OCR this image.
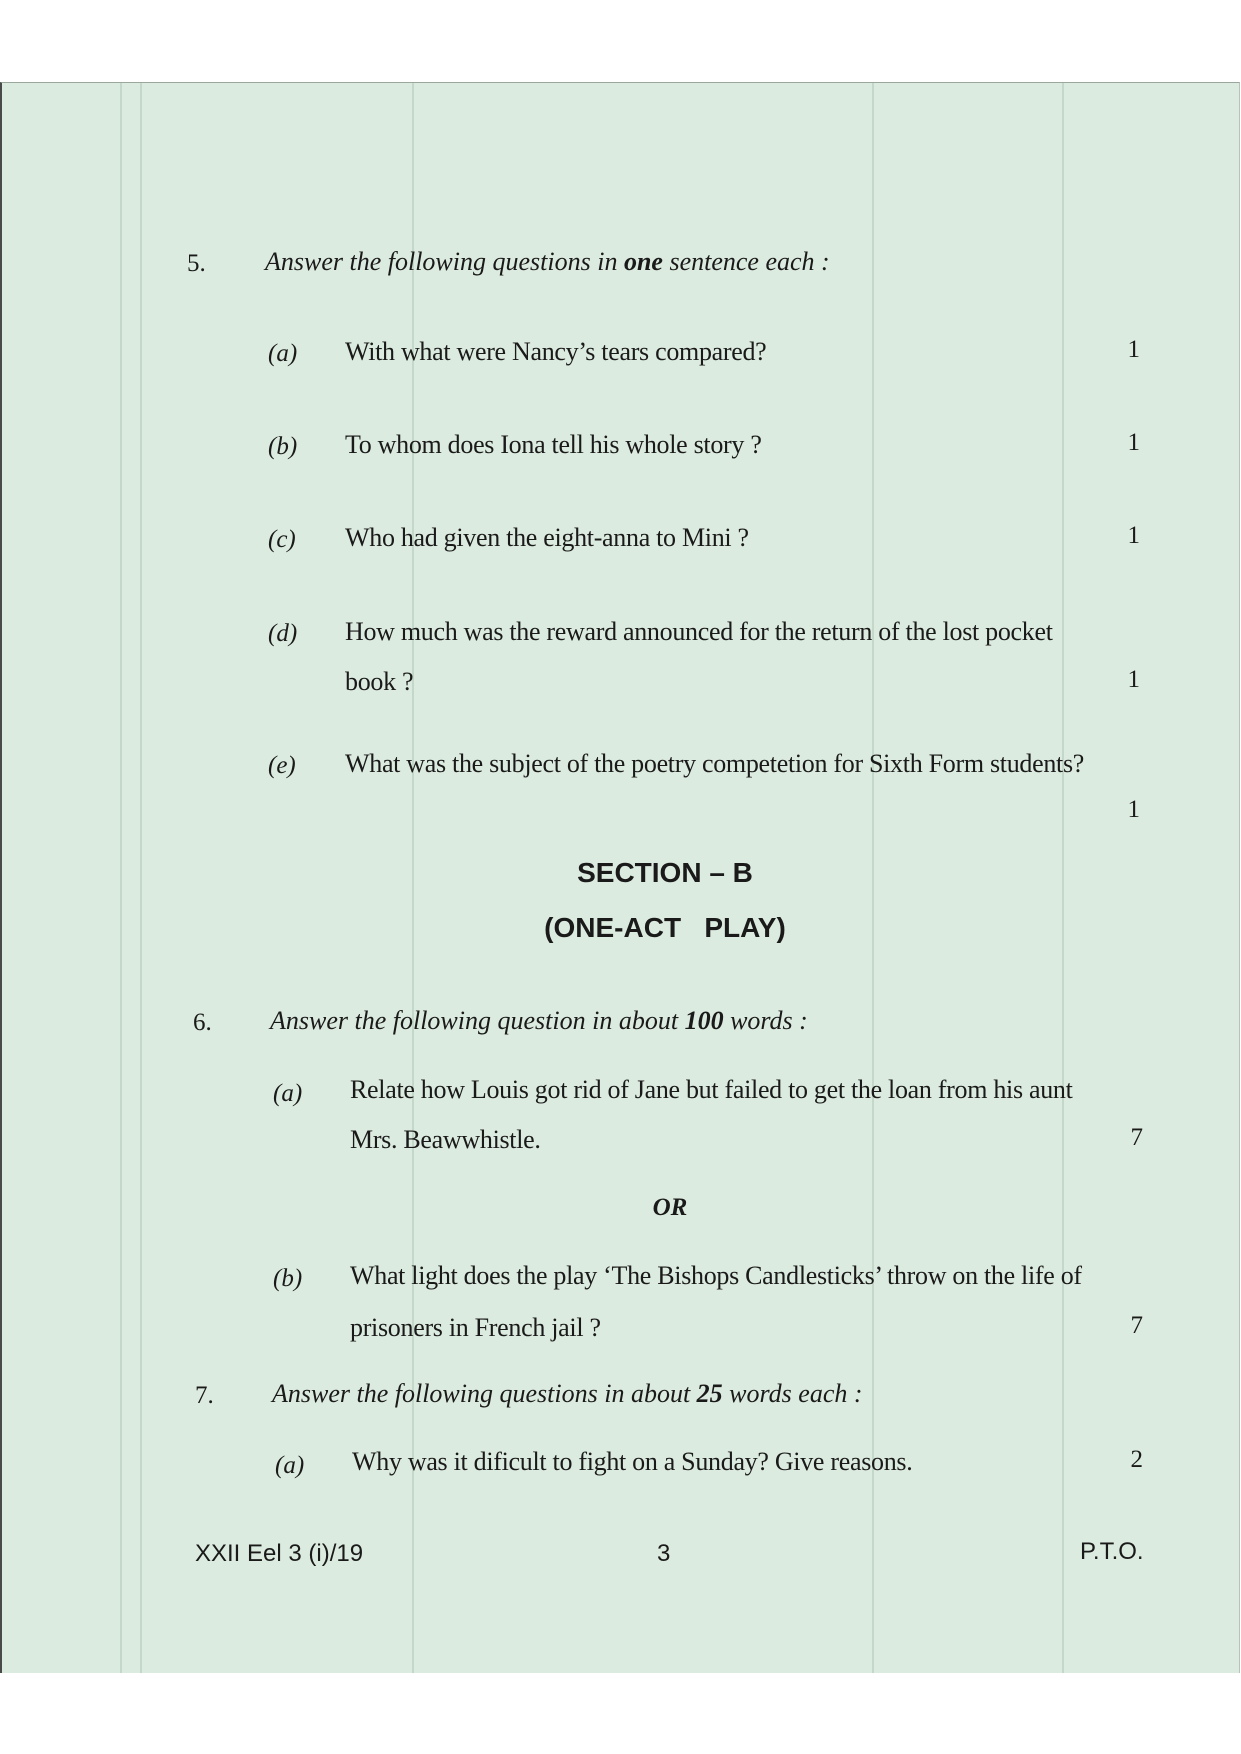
5. Answer the following questions in one sentence each :
(a) With what were Nancy’s tears compared?	1
(b) To whom does Iona tell his whole story ?	1
(c) Who had given the eight-anna to Mini ?	1
(d) How much was the reward announced for the return of the lost pocket
book ?	1
(e) What was the subject of the poetry competetion for Sixth Form students?
1
SECTION – B
(ONE-ACT   PLAY)
6. Answer the following question in about 100 words :
(a) Relate how Louis got rid of Jane but failed to get the loan from his aunt
Mrs. Beawwhistle.	7
OR
(b) What light does the play ‘The Bishops Candlesticks’ throw on the life of
prisoners in French jail ?	7
7. Answer the following questions in about 25 words each :
(a) Why was it dificult to fight on a Sunday? Give reasons.	2
XXII Eel 3 (i)/19	3	P.T.O.
